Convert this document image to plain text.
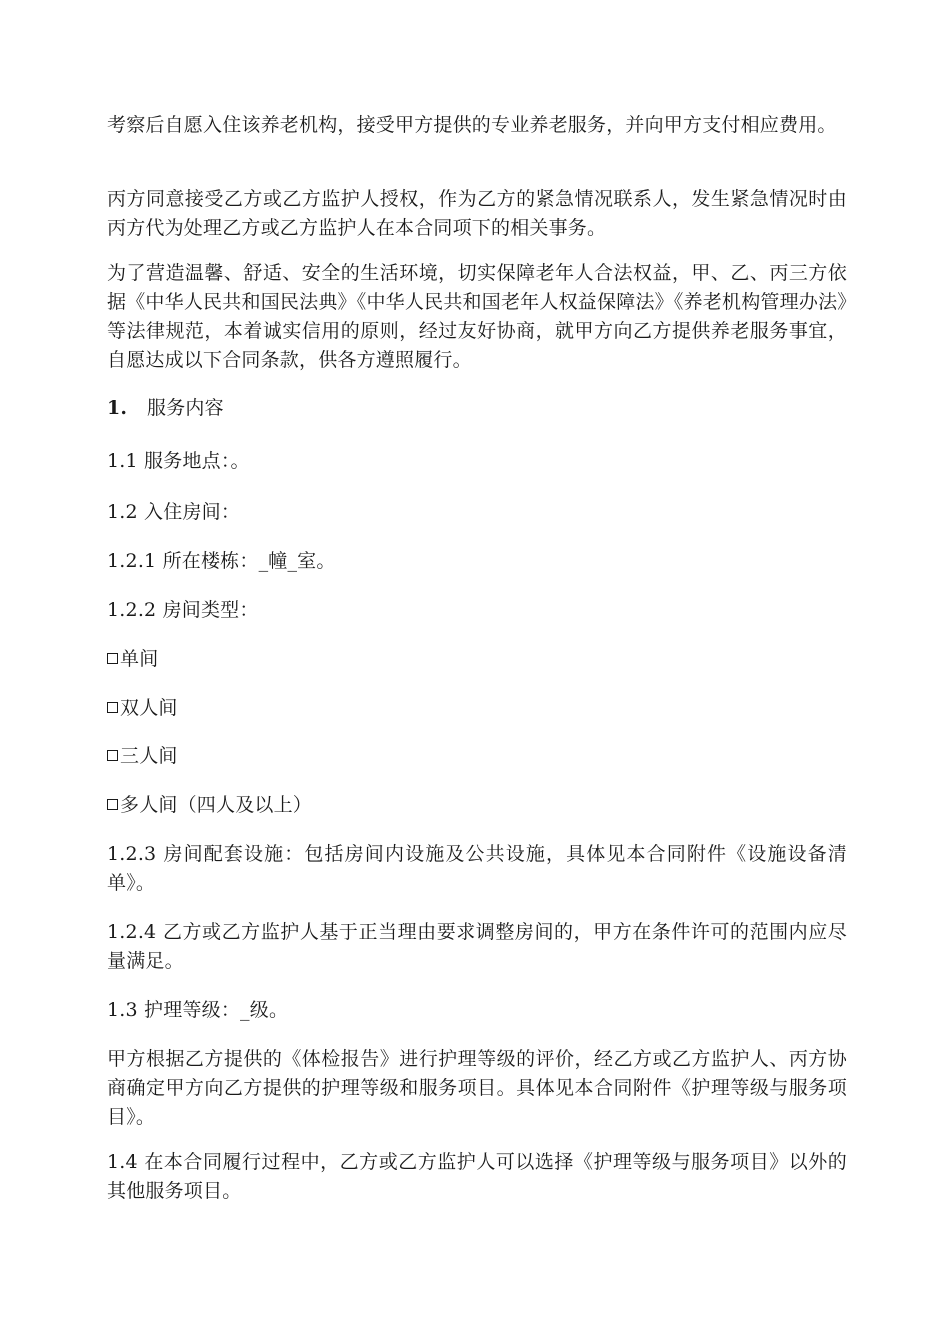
考察后自愿入住该养老机构，接受甲方提供的专业养老服务，并向甲方支付相应费用。

丙方同意接受乙方或乙方监护人授权，作为乙方的紧急情况联系人，发生紧急情况时由丙方代为处理乙方或乙方监护人在本合同项下的相关事务。

为了营造温馨、舒适、安全的生活环境，切实保障老年人合法权益，甲、乙、丙三方依据《中华人民共和国民法典》《中华人民共和国老年人权益保障法》《养老机构管理办法》等法律规范，本着诚实信用的原则，经过友好协商，就甲方向乙方提供养老服务事宜，自愿达成以下合同条款，供各方遵照履行。

1. 服务内容

1.1 服务地点：。

1.2 入住房间：

1.2.1 所在楼栋：_幢_室。

1.2.2 房间类型：

单间

双人间

三人间

多人间（四人及以上）

1.2.3 房间配套设施：包括房间内设施及公共设施，具体见本合同附件《设施设备清单》。

1.2.4 乙方或乙方监护人基于正当理由要求调整房间的，甲方在条件许可的范围内应尽量满足。

1.3 护理等级：_级。

甲方根据乙方提供的《体检报告》进行护理等级的评价，经乙方或乙方监护人、丙方协商确定甲方向乙方提供的护理等级和服务项目。具体见本合同附件《护理等级与服务项目》。

1.4 在本合同履行过程中，乙方或乙方监护人可以选择《护理等级与服务项目》以外的其他服务项目。
